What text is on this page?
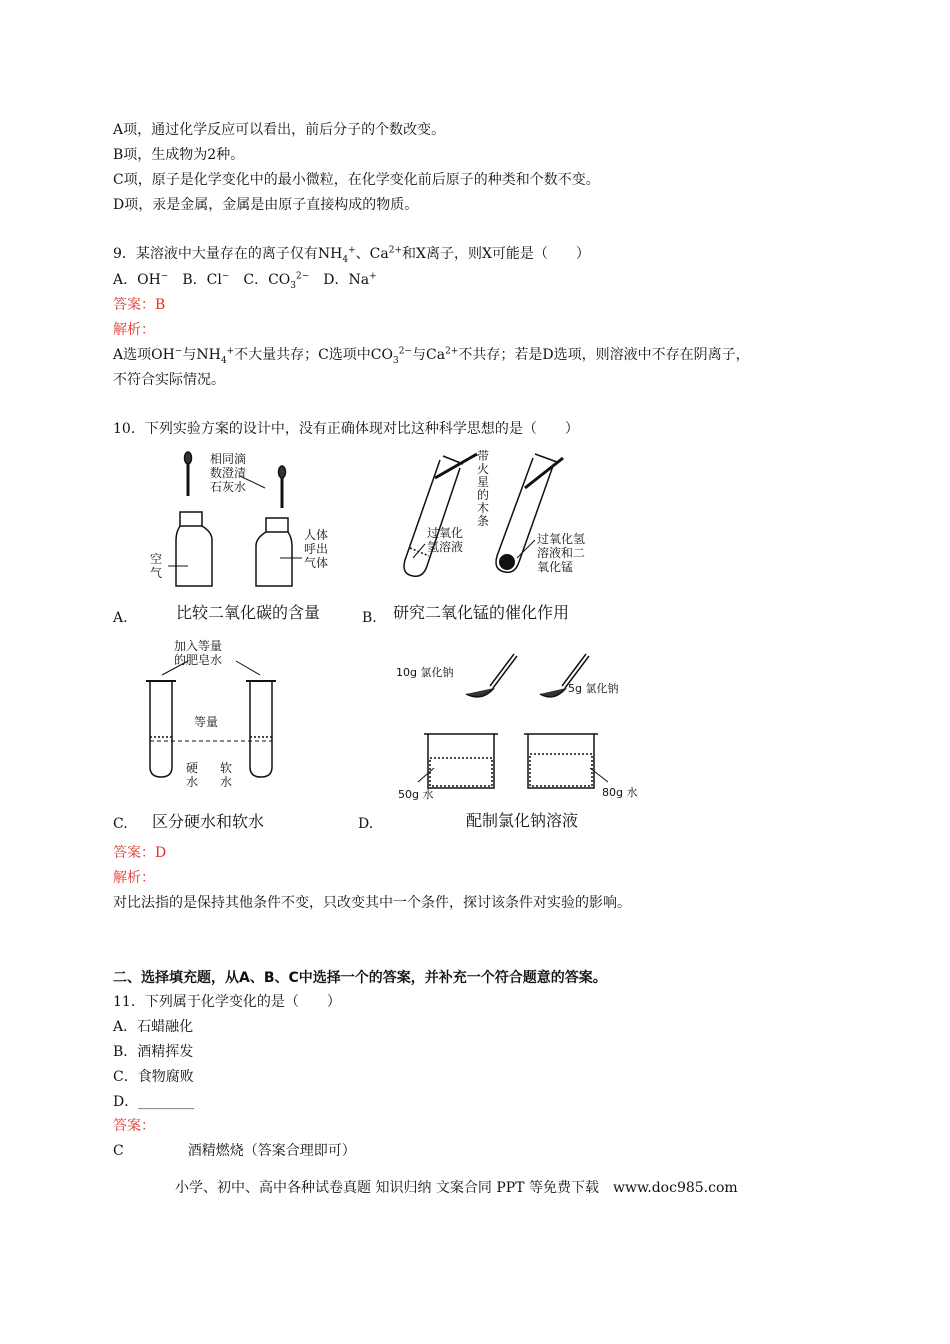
A项，通过化学反应可以看出，前后分子的个数改变。
B项，生成物为2种。
C项，原子是化学变化中的最小微粒，在化学变化前后原子的种类和个数不变。
D项，汞是金属，金属是由原子直接构成的物质。
9．某溶液中大量存在的离子仅有$NH_4^+$、$Ca^{2+}$和X离子，则X可能是（　　）
A．OH−　B．Cl−　C．$CO_3^{2-}$　D．Na+
答案：B
解析：
A选项OH−与$NH_4^+$不大量共存；C选项中$CO_3^{2-}$与$Ca^{2+}$不共存；若是D选项，则溶液中不存在阴离子，
不符合实际情况。
10．下列实验方案的设计中，没有正确体现对比这种科学思想的是（　　）
相同滴
数澄清
石灰水
空
气
人体
呼出
气体
比较二氧化碳的含量
A.
带
火
星
的
木
条
过氧化
氢溶液
过氧化氢
溶液和二
氧化锰
研究二氧化锰的催化作用
B.
加入等量
的肥皂水
等量
硬
水
软
水
区分硬水和软水
C.
10g 氯化钠
5g 氯化钠
50g 水	80g 水
配制氯化钠溶液
D.
答案：D
解析：
对比法指的是保持其他条件不变，只改变其中一个条件，探讨该条件对实验的影响。
二、选择填充题，从A、B、C中选择一个的答案，并补充一个符合题意的答案。
11．下列属于化学变化的是（　　）
A．石蜡融化
B．酒精挥发
C．食物腐败
D．________
答案：
C	酒精燃烧（答案合理即可）
小学、初中、高中各种试卷真题 知识归纳 文案合同 PPT 等免费下载　www.doc985.com
